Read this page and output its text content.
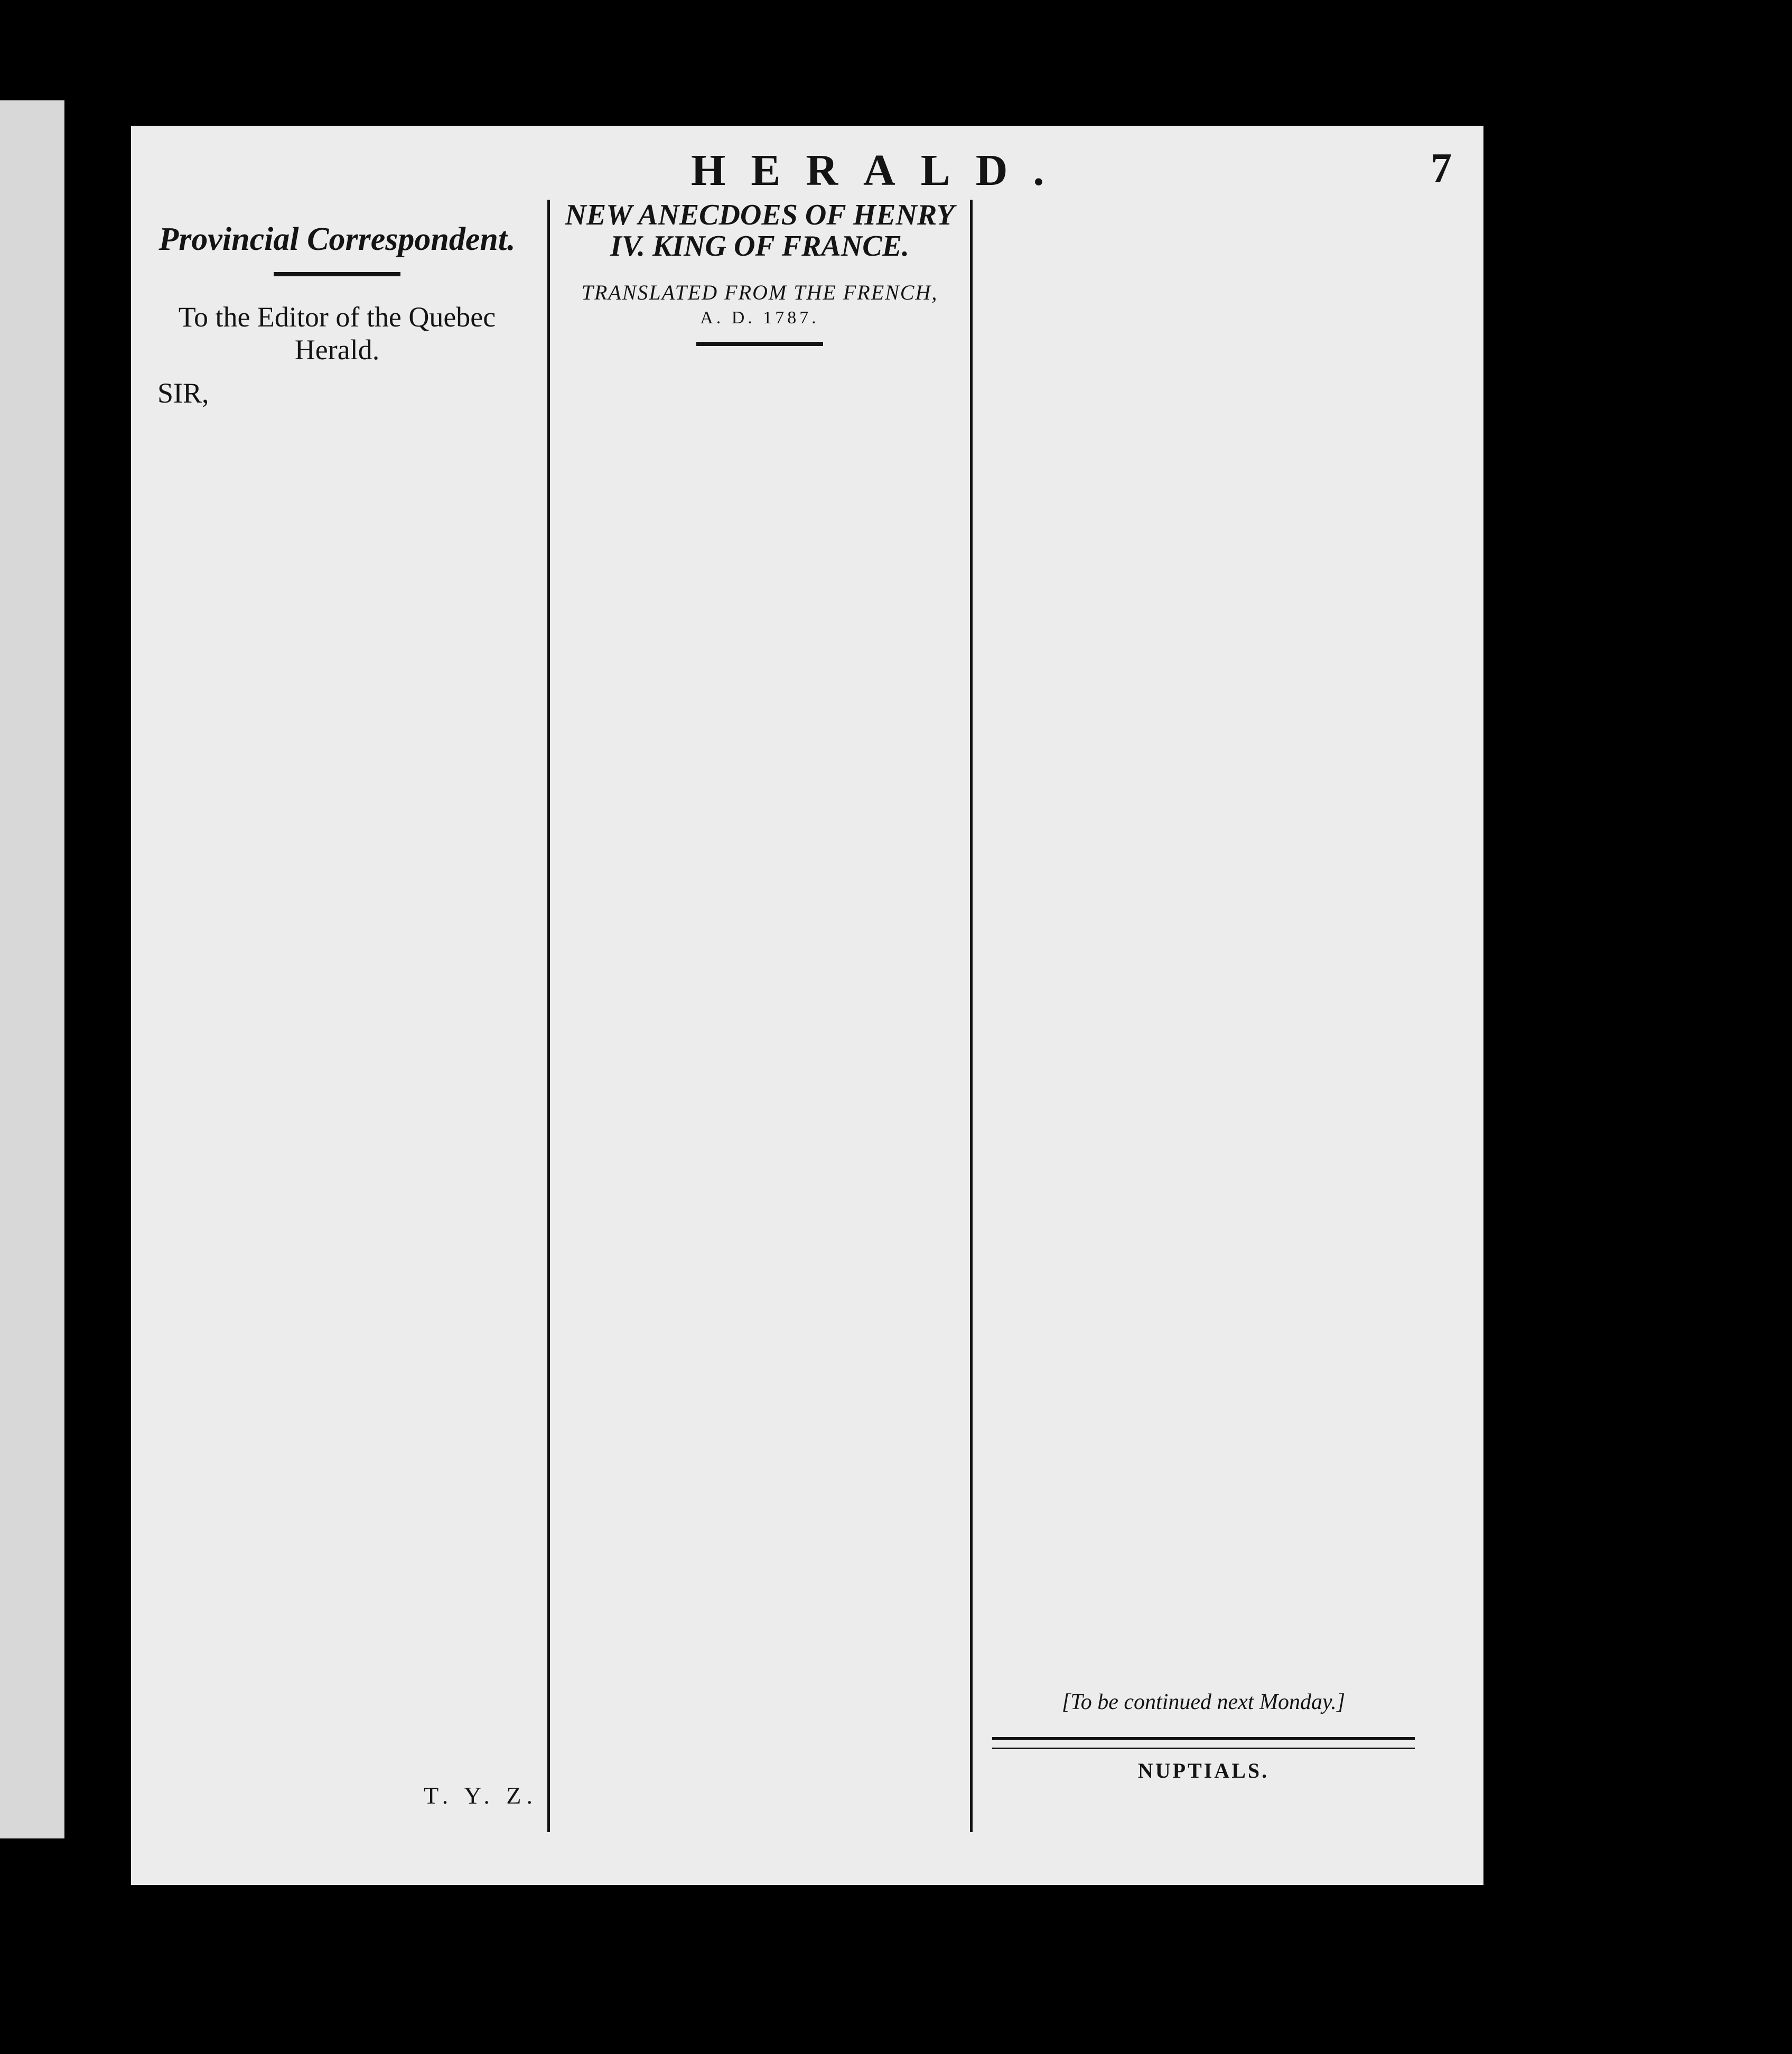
HERALD.	7
Provincial Correspondent.

To the Editor of the Quebec Herald.

SIR,

T. Y. Z.
NEW ANECDOES OF HENRY IV. KING OF FRANCE.

TRANSLATED FROM THE FRENCH,

A. D. 1787.

[To be continued next Monday.]
NUPTIALS.
